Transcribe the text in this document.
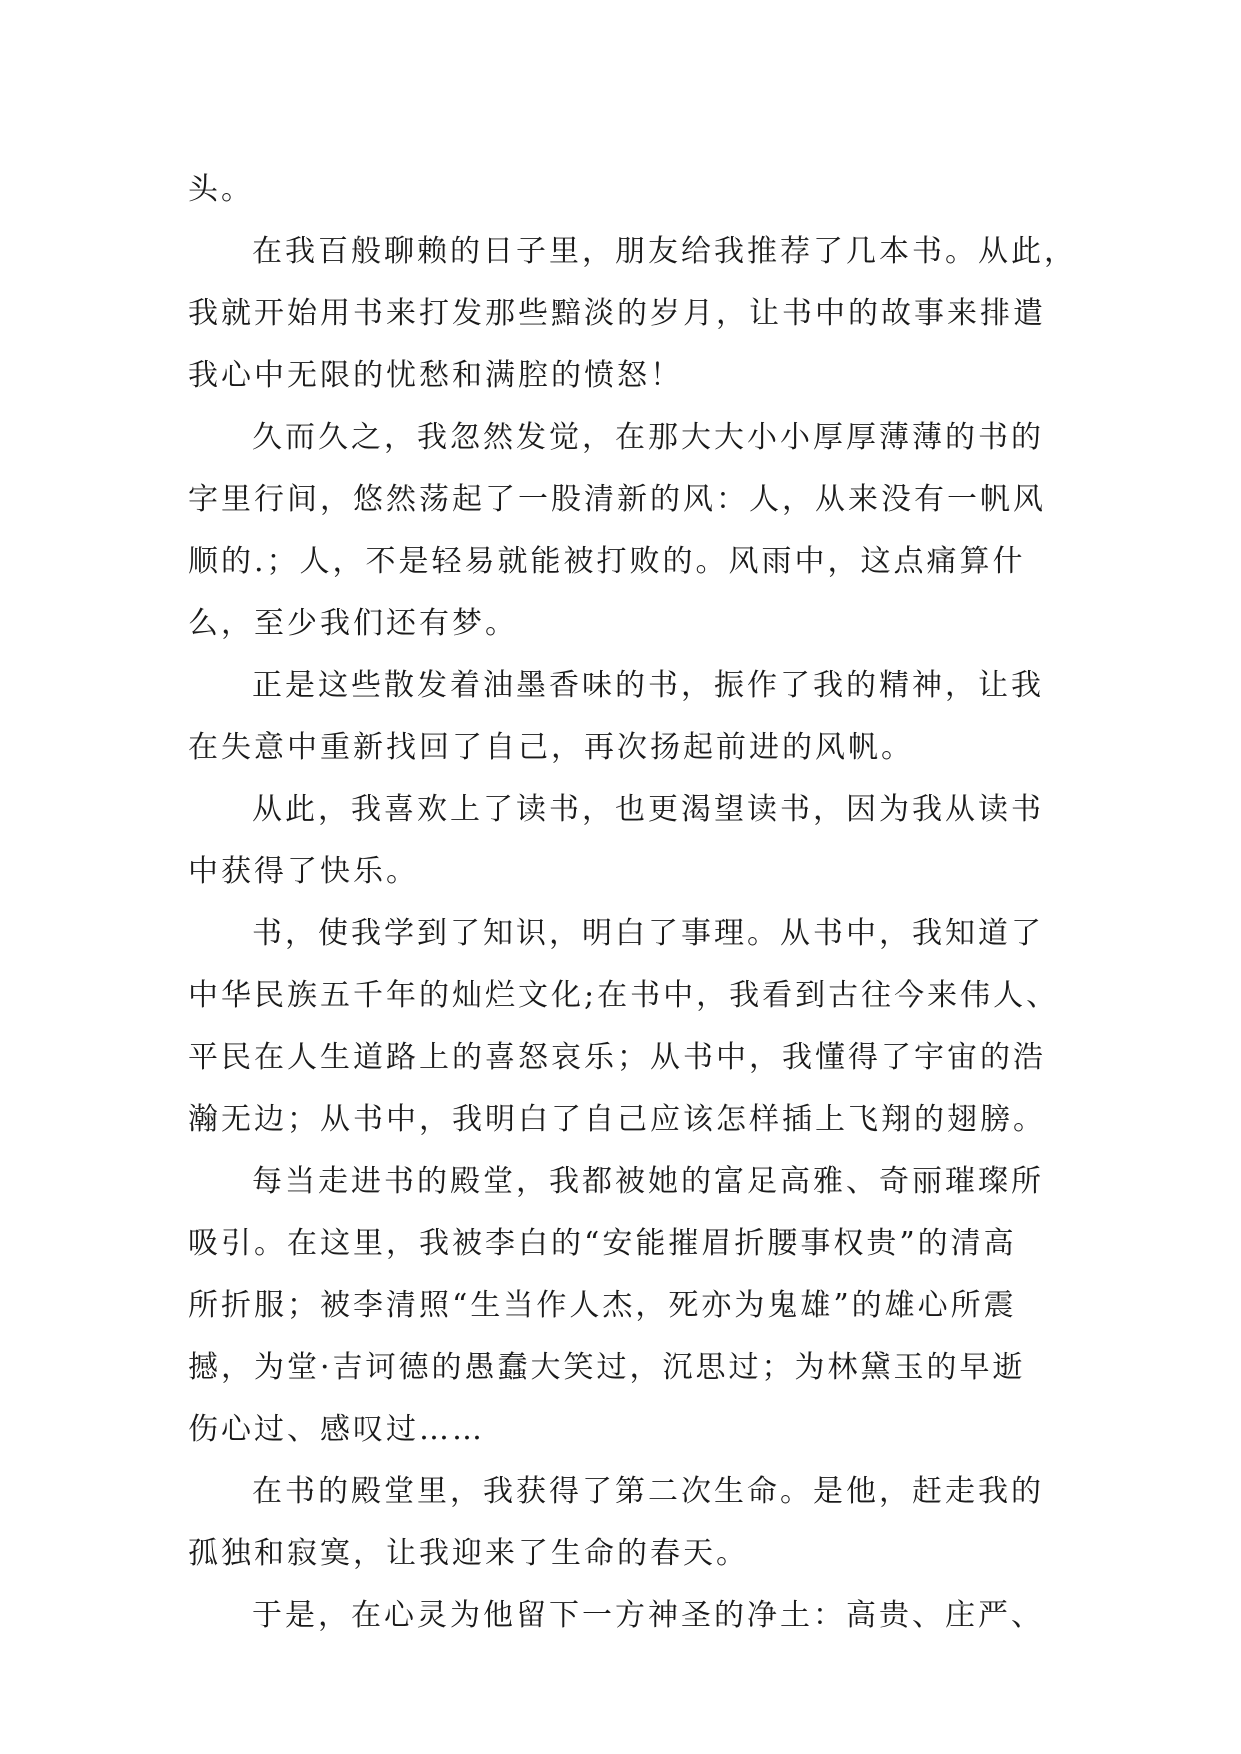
头。
在我百般聊赖的日子里，朋友给我推荐了几本书。从此，
我就开始用书来打发那些黯淡的岁月，让书中的故事来排遣
我心中无限的忧愁和满腔的愤怒！
久而久之，我忽然发觉，在那大大小小厚厚薄薄的书的
字里行间，悠然荡起了一股清新的风：人，从来没有一帆风
顺的.；人，不是轻易就能被打败的。风雨中，这点痛算什
么，至少我们还有梦。
正是这些散发着油墨香味的书，振作了我的精神，让我
在失意中重新找回了自己，再次扬起前进的风帆。
从此，我喜欢上了读书，也更渴望读书，因为我从读书
中获得了快乐。
书，使我学到了知识，明白了事理。从书中，我知道了
中华民族五千年的灿烂文化;在书中，我看到古往今来伟人、
平民在人生道路上的喜怒哀乐；从书中，我懂得了宇宙的浩
瀚无边；从书中，我明白了自己应该怎样插上飞翔的翅膀。
每当走进书的殿堂，我都被她的富足高雅、奇丽璀璨所
吸引。在这里，我被李白的“安能摧眉折腰事权贵”的清高
所折服；被李清照“生当作人杰，死亦为鬼雄”的雄心所震
撼，为堂·吉诃德的愚蠢大笑过，沉思过；为林黛玉的早逝
伤心过、感叹过……
在书的殿堂里，我获得了第二次生命。是他，赶走我的
孤独和寂寞，让我迎来了生命的春天。
于是，在心灵为他留下一方神圣的净土：高贵、庄严、
